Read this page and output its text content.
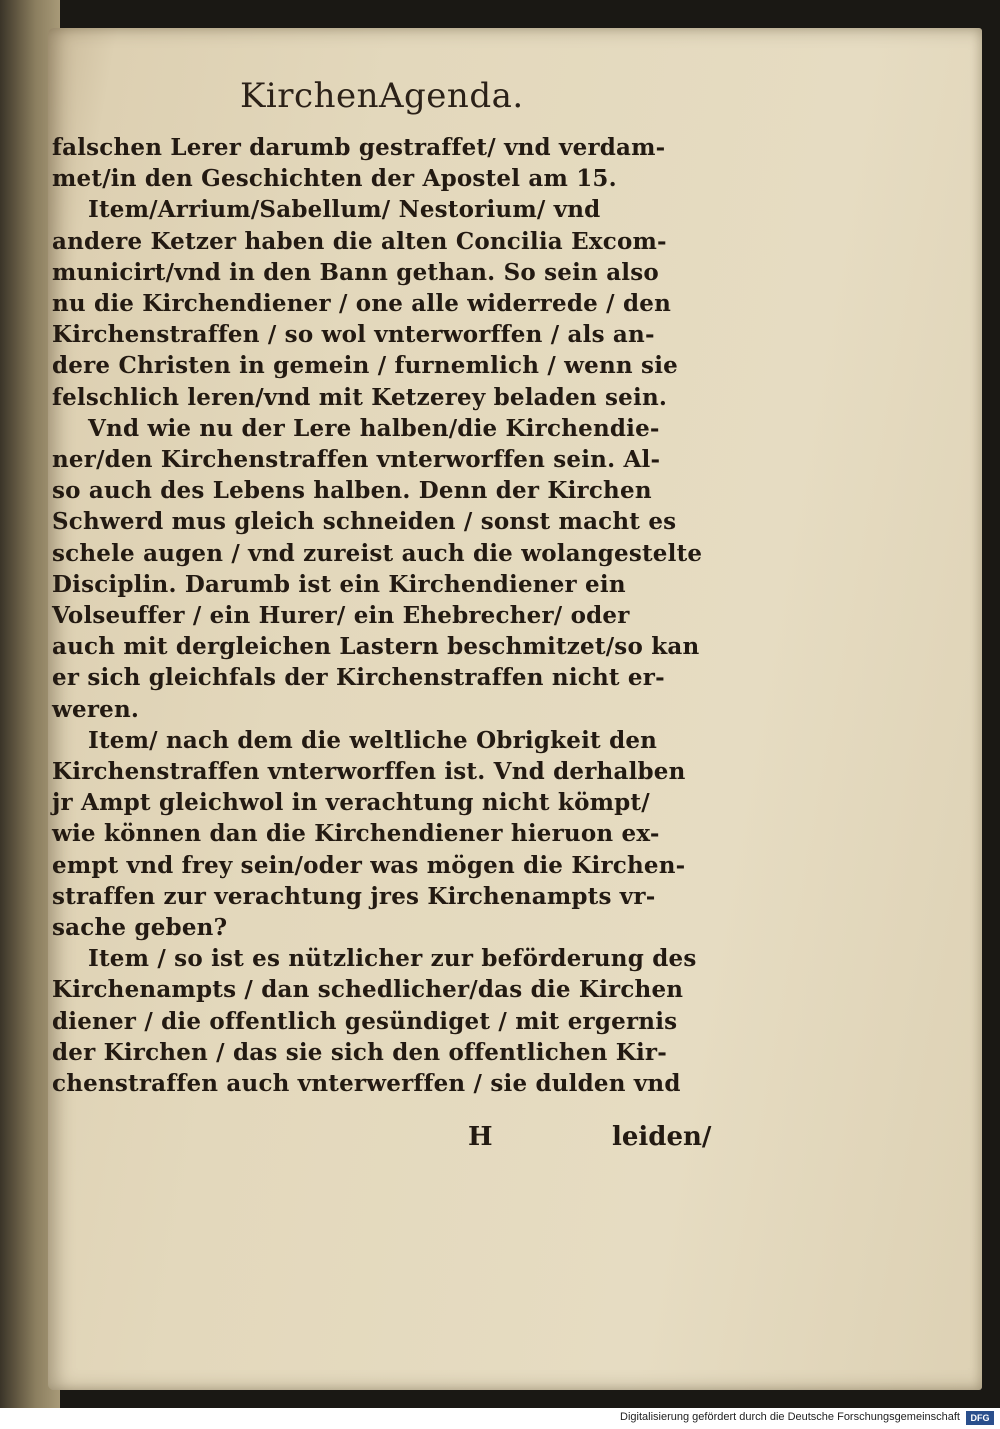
KirchenAgenda.
falschen Lerer darumb gestraffet/ vnd verdam-
met/in den Geschichten der Apostel am 15.
Item/Arrium/Sabellum/ Nestorium/ vnd
andere Ketzer haben die alten Concilia Excom-
municirt/vnd in den Bann gethan. So sein also
nu die Kirchendiener / one alle widerrede / den
Kirchenstraffen / so wol vnterworffen / als an-
dere Christen in gemein / furnemlich / wenn sie
felschlich leren/vnd mit Ketzerey beladen sein.
Vnd wie nu der Lere halben/die Kirchendie-
ner/den Kirchenstraffen vnterworffen sein. Al-
so auch des Lebens halben. Denn der Kirchen
Schwerd mus gleich schneiden / sonst macht es
schele augen / vnd zureist auch die wolangestelte
Disciplin. Darumb ist ein Kirchendiener ein
Volseuffer / ein Hurer/ ein Ehebrecher/ oder
auch mit dergleichen Lastern beschmitzet/so kan
er sich gleichfals der Kirchenstraffen nicht er-
weren.
Item/ nach dem die weltliche Obrigkeit den
Kirchenstraffen vnterworffen ist. Vnd derhalben
jr Ampt gleichwol in verachtung nicht kömpt/
wie können dan die Kirchendiener hieruon ex-
empt vnd frey sein/oder was mögen die Kirchen-
straffen zur verachtung jres Kirchenampts vr-
sache geben?
Item / so ist es nützlicher zur beförderung des
Kirchenampts / dan schedlicher/das die Kirchen
diener / die offentlich gesündiget / mit ergernis
der Kirchen / das sie sich den offentlichen Kir-
chenstraffen auch vnterwerffen / sie dulden vnd
H	leiden/
Digitalisierung gefördert durch die Deutsche Forschungsgemeinschaft	DFG
